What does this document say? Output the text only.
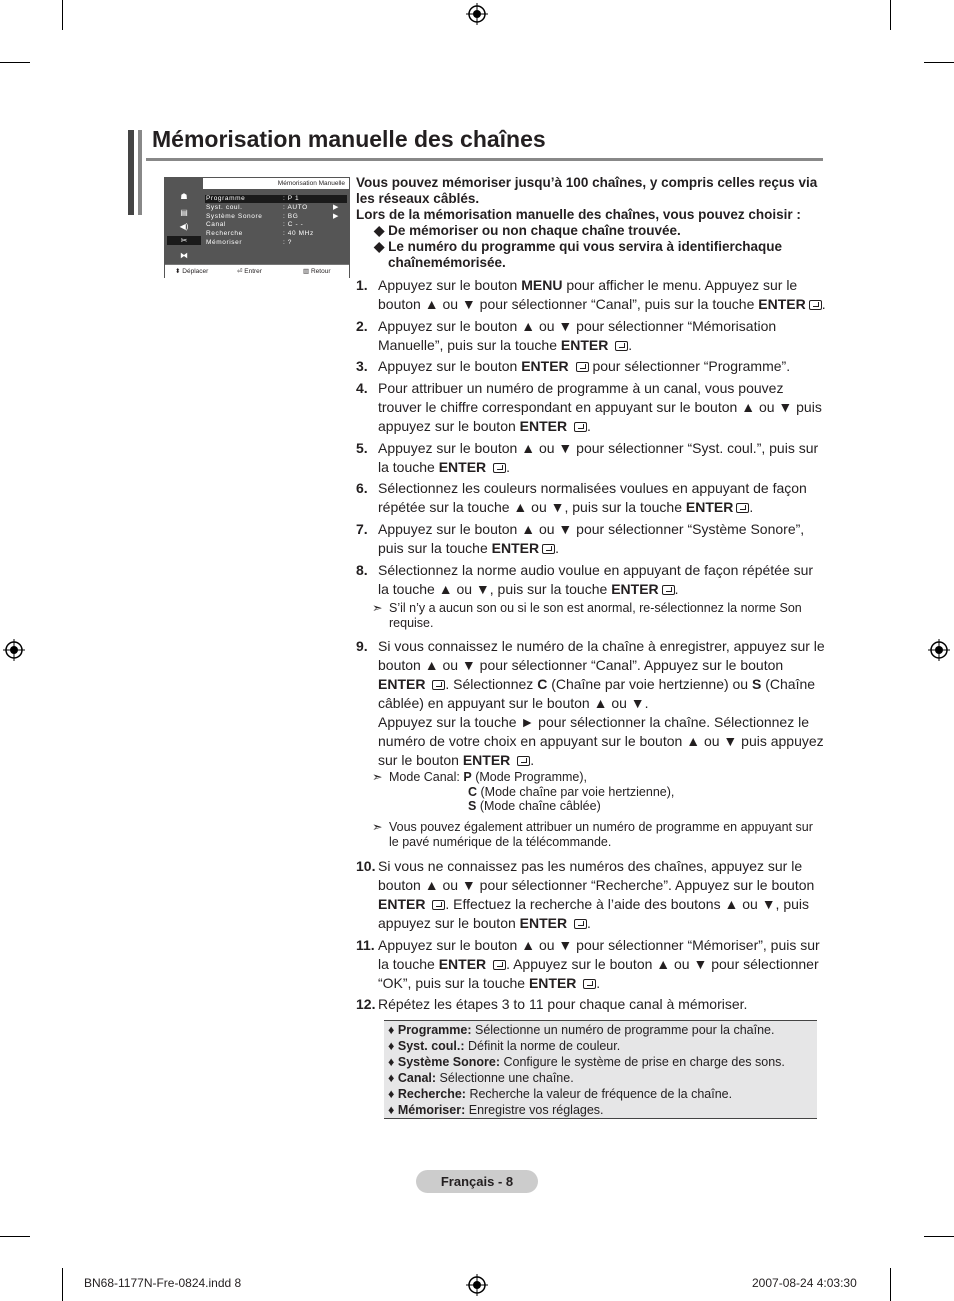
Mémorisation manuelle des chaînes
☗
▤
◀)
✂
⧓
Mémorisation Manuelle
Programme	: P 1
Syst. coul.	: AUTO	▶
Système Sonore	: BG	▶
Canal	: C - -
Recherche	: 40 MHz
Mémoriser	: ?
⬍ Déplacer	⏎ Entrer	▥ Retour
Vous pouvez mémoriser jusqu’à 100 chaînes, y compris celles reçus via les réseaux câblés.
Lors de la mémorisation manuelle des chaînes, vous pouvez choisir :
◆ De mémoriser ou non chaque chaîne trouvée.
◆ Le numéro du programme qui vous servira à identifierchaque chaînemémorisée.
1. Appuyez sur le bouton MENU pour afficher le menu. Appuyez sur le bouton ▲ ou ▼ pour sélectionner “Canal”, puis sur la touche ENTER .
2. Appuyez sur le bouton ▲ ou ▼ pour sélectionner “Mémorisation Manuelle”, puis sur la touche ENTER .
3. Appuyez sur le bouton ENTER  pour sélectionner “Programme”.
4. Pour attribuer un numéro de programme à un canal, vous pouvez trouver le chiffre correspondant en appuyant sur le bouton ▲ ou ▼ puis appuyez sur le bouton ENTER .
5. Appuyez sur le bouton ▲ ou ▼ pour sélectionner “Syst. coul.”, puis sur la touche ENTER .
6. Sélectionnez les couleurs normalisées voulues en appuyant de façon répétée sur la touche ▲ ou ▼, puis sur la touche ENTER .
7. Appuyez sur le bouton ▲ ou ▼ pour sélectionner “Système Sonore”, puis sur la touche ENTER .
8. Sélectionnez la norme audio voulue en appuyant de façon répétée sur la touche ▲ ou ▼, puis sur la touche ENTER .
➣ S’il n’y a aucun son ou si le son est anormal, re-sélectionnez la norme Son requise.
9. Si vous connaissez le numéro de la chaîne à enregistrer, appuyez sur le bouton ▲ ou ▼ pour sélectionner “Canal”. Appuyez sur le bouton ENTER . Sélectionnez C (Chaîne par voie hertzienne) ou S (Chaîne câblée) en appuyant sur le bouton ▲ ou ▼.
Appuyez sur la touche ► pour sélectionner la chaîne. Sélectionnez le numéro de votre choix en appuyant sur le bouton ▲ ou ▼ puis appuyez sur le bouton ENTER .
➣ Mode Canal: P (Mode Programme),
C (Mode chaîne par voie hertzienne),
S (Mode chaîne câblée)
➣ Vous pouvez également attribuer un numéro de programme en appuyant sur le pavé numérique de la télécommande.
10. Si vous ne connaissez pas les numéros des chaînes, appuyez sur le bouton ▲ ou ▼ pour sélectionner “Recherche”. Appuyez sur le bouton ENTER . Effectuez la recherche à l’aide des boutons ▲ ou ▼, puis appuyez sur le bouton ENTER .
11. Appuyez sur le bouton ▲ ou ▼ pour sélectionner “Mémoriser”, puis sur la touche ENTER . Appuyez sur le bouton ▲ ou ▼ pour sélectionner “OK”, puis sur la touche ENTER .
12. Répétez les étapes 3 to 11 pour chaque canal à mémoriser.
♦ Programme: Sélectionne un numéro de programme pour la chaîne.
♦ Syst. coul.: Définit la norme de couleur.
♦ Système Sonore: Configure le système de prise en charge des sons.
♦ Canal: Sélectionne une chaîne.
♦ Recherche: Recherche la valeur de fréquence de la chaîne.
♦ Mémoriser: Enregistre vos réglages.
Français - 8
BN68-1177N-Fre-0824.indd 8	2007-08-24 4:03:30
